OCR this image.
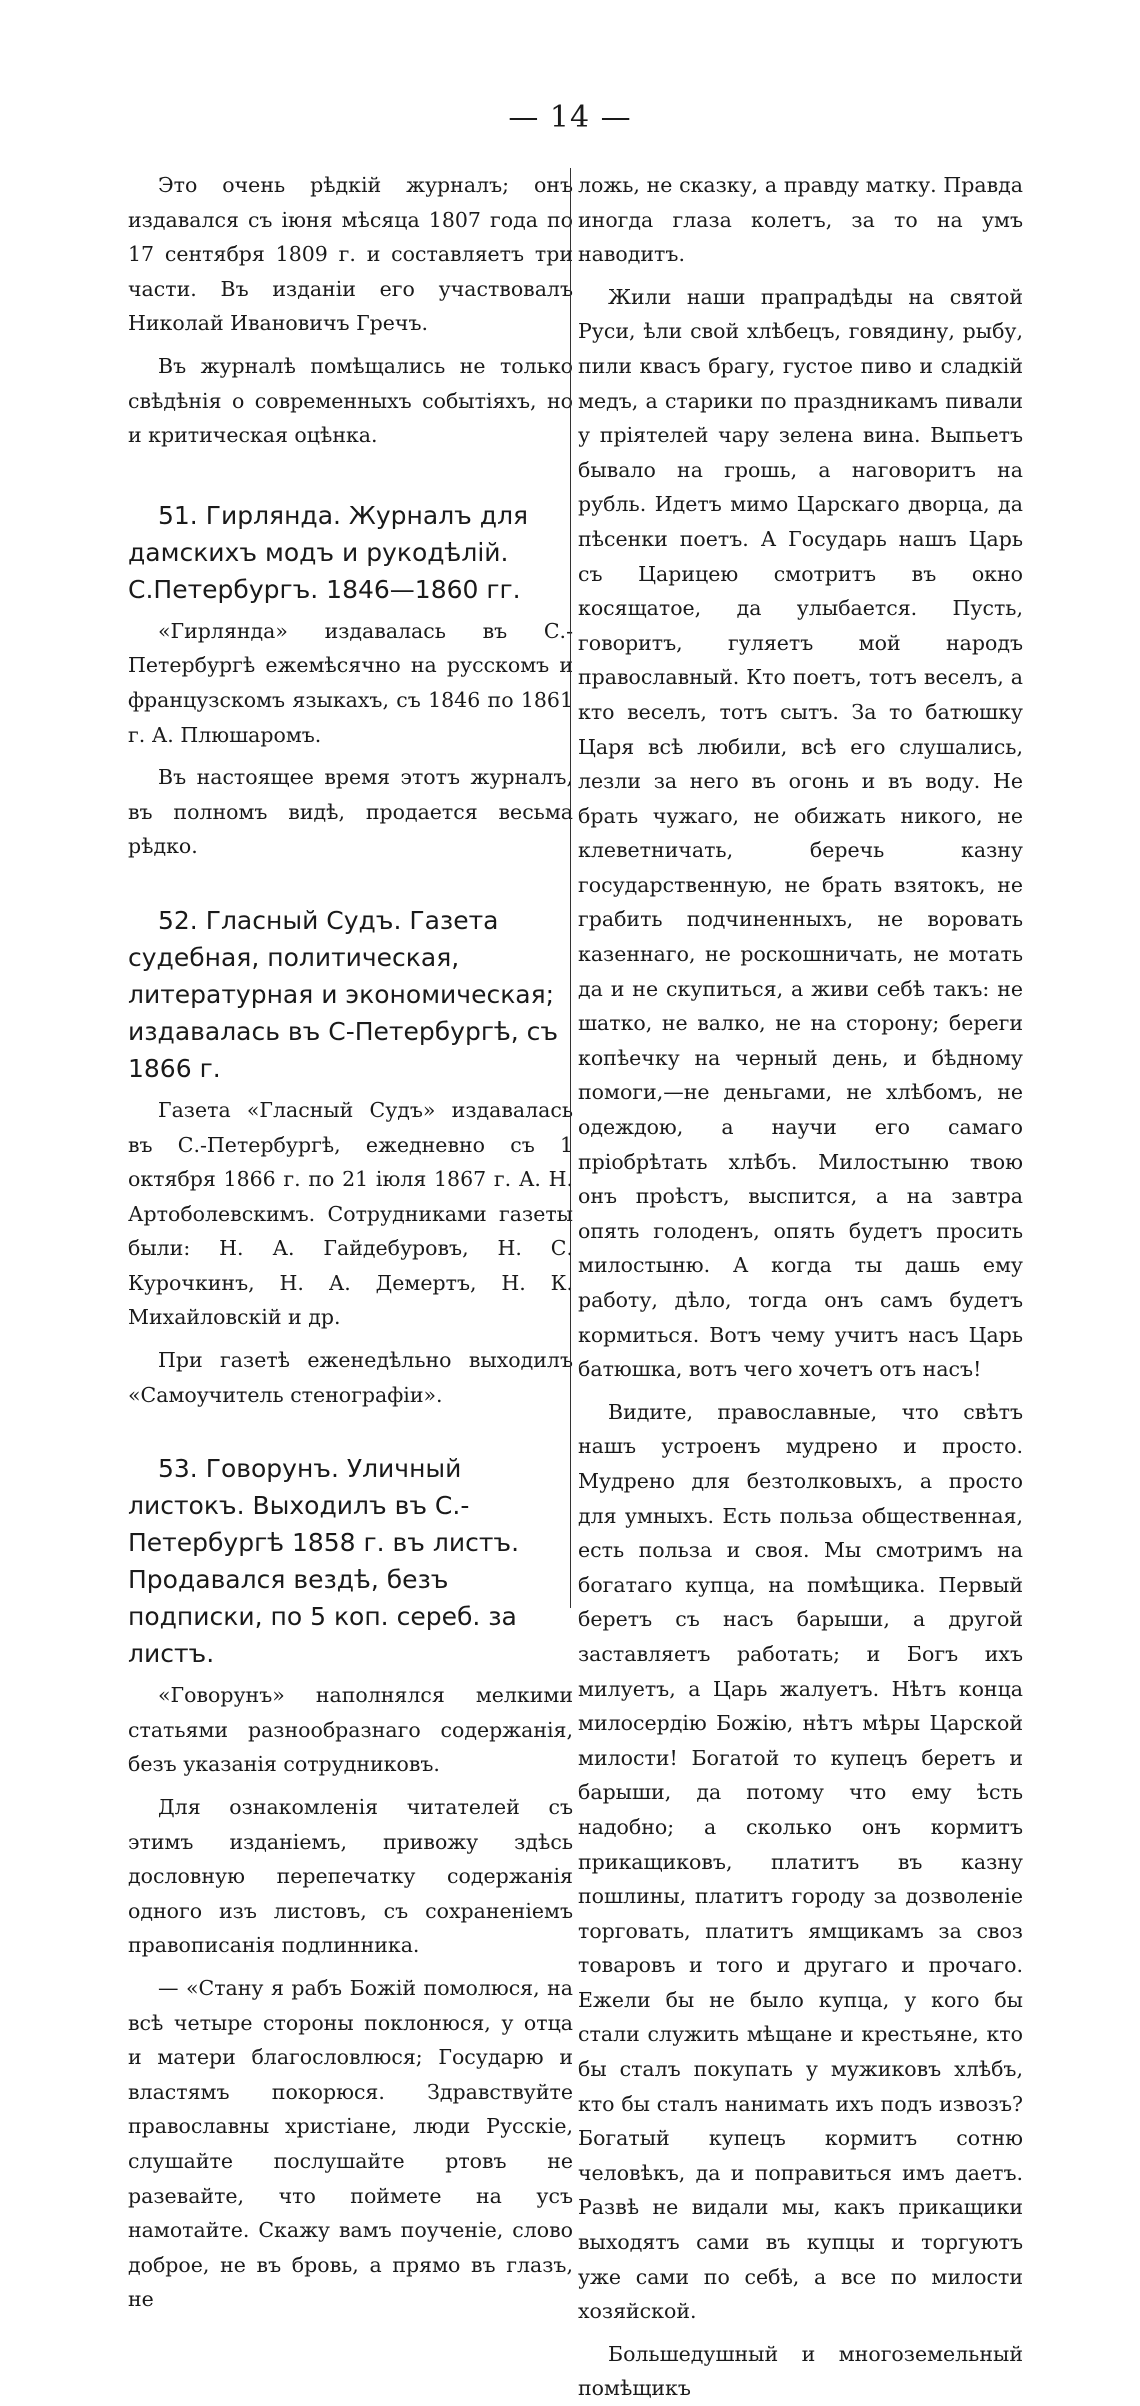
— 14 —

Это очень рѣдкій журналъ; онъ издавался съ іюня мѣсяца 1807 года по 17 сентября 1809 г. и составляетъ три части. Въ изданіи его участвовалъ Николай Ивановичъ Гречъ.

Въ журналѣ помѣщались не только свѣдѣнія о современныхъ событіяхъ, но и критическая оцѣнка.

51. Гирлянда. Журналъ для дамскихъ модъ и рукодѣлій. С.Петербургъ. 1846—1860 гг.

«Гирлянда» издавалась въ С.-Петербургѣ ежемѣсячно на русскомъ и французскомъ языкахъ, съ 1846 по 1861 г. А. Плюшаромъ.

Въ настоящее время этотъ журналъ, въ полномъ видѣ, продается весьма рѣдко.

52. Гласный Судъ. Газета судебная, политическая, литературная и экономическая; издавалась въ С-Петербургѣ, съ 1866 г.

Газета «Гласный Судъ» издавалась въ С.-Петербургѣ, ежедневно съ 1 октября 1866 г. по 21 іюля 1867 г. А. Н. Артоболевскимъ. Сотрудниками газеты были: Н. А. Гайдебуровъ, Н. С. Курочкинъ, Н. А. Демертъ, Н. К. Михайловскій и др.

При газетѣ еженедѣльно выходилъ «Самоучитель стенографіи».

53. Говорунъ. Уличный листокъ. Выходилъ въ С.-Петербургѣ 1858 г. въ листъ. Продавался вездѣ, безъ подписки, по 5 коп. сереб. за листъ.

«Говорунъ» наполнялся мелкими статьями разнообразнаго содержанія, безъ указанія сотрудниковъ.

Для ознакомленія читателей съ этимъ изданіемъ, привожу здѣсь дословную перепечатку содержанія одного изъ листовъ, съ сохраненіемъ правописанія подлинника.

— «Стану я рабъ Божій помолюся, на всѣ четыре стороны поклонюся, у отца и матери благословлюся; Государю и властямъ покорюся. Здравствуйте православны христіане, люди Русскіе, слушайте послушайте ртовъ не разевайте, что поймете на усъ намотайте. Скажу вамъ поученіе, слово доброе, не въ бровь, а прямо въ глазъ, не

ложь, не сказку, а правду матку. Правда иногда глаза колетъ, за то на умъ наводитъ.

Жили наши прапрадѣды на святой Руси, ѣли свой хлѣбецъ, говядину, рыбу, пили квасъ брагу, густое пиво и сладкій медъ, а старики по праздникамъ пивали у пріятелей чару зелена вина. Выпьетъ бывало на грошь, а наговоритъ на рубль. Идетъ мимо Царскаго дворца, да пѣсенки поетъ. А Государь нашъ Царь съ Царицею смотритъ въ окно косящатое, да улыбается. Пусть, говоритъ, гуляетъ мой народъ православный. Кто поетъ, тотъ веселъ, а кто веселъ, тотъ сытъ. За то батюшку Царя всѣ любили, всѣ его слушались, лезли за него въ огонь и въ воду. Не брать чужаго, не обижать никого, не клеветничать, беречь казну государственную, не брать взятокъ, не грабить подчиненныхъ, не воровать казеннаго, не роскошничать, не мотать да и не скупиться, а живи себѣ такъ: не шатко, не валко, не на сторону; береги копѣечку на черный день, и бѣдному помоги,—не деньгами, не хлѣбомъ, не одеждою, а научи его самаго пріобрѣтать хлѣбъ. Милостыню твою онъ проѣстъ, выспится, а на завтра опять голоденъ, опять будетъ просить милостыню. А когда ты дашь ему работу, дѣло, тогда онъ самъ будетъ кормиться. Вотъ чему учитъ насъ Царь батюшка, вотъ чего хочетъ отъ насъ!

Видите, православные, что свѣтъ нашъ устроенъ мудрено и просто. Мудрено для безтолковыхъ, а просто для умныхъ. Есть польза общественная, есть польза и своя. Мы смотримъ на богатаго купца, на помѣщика. Первый беретъ съ насъ барыши, а другой заставляетъ работать; и Богъ ихъ милуетъ, а Царь жалуетъ. Нѣтъ конца милосердію Божію, нѣтъ мѣры Царской милости! Богатой то купецъ беретъ и барыши, да потому что ему ѣсть надобно; а сколько онъ кормитъ прикащиковъ, платитъ въ казну пошлины, платитъ городу за дозволеніе торговать, платитъ ямщикамъ за своз товаровъ и того и другаго и прочаго. Ежели бы не было купца, у кого бы стали служить мѣщане и крестьяне, кто бы сталъ покупать у мужиковъ хлѣбъ, кто бы сталъ нанимать ихъ подъ извозъ? Богатый купецъ кормитъ сотню человѣкъ, да и поправиться имъ даетъ. Развѣ не видали мы, какъ прикащики выходятъ сами въ купцы и торгуютъ уже сами по себѣ, а все по милости хозяйской.

Большедушный и многоземельный помѣщикъ
